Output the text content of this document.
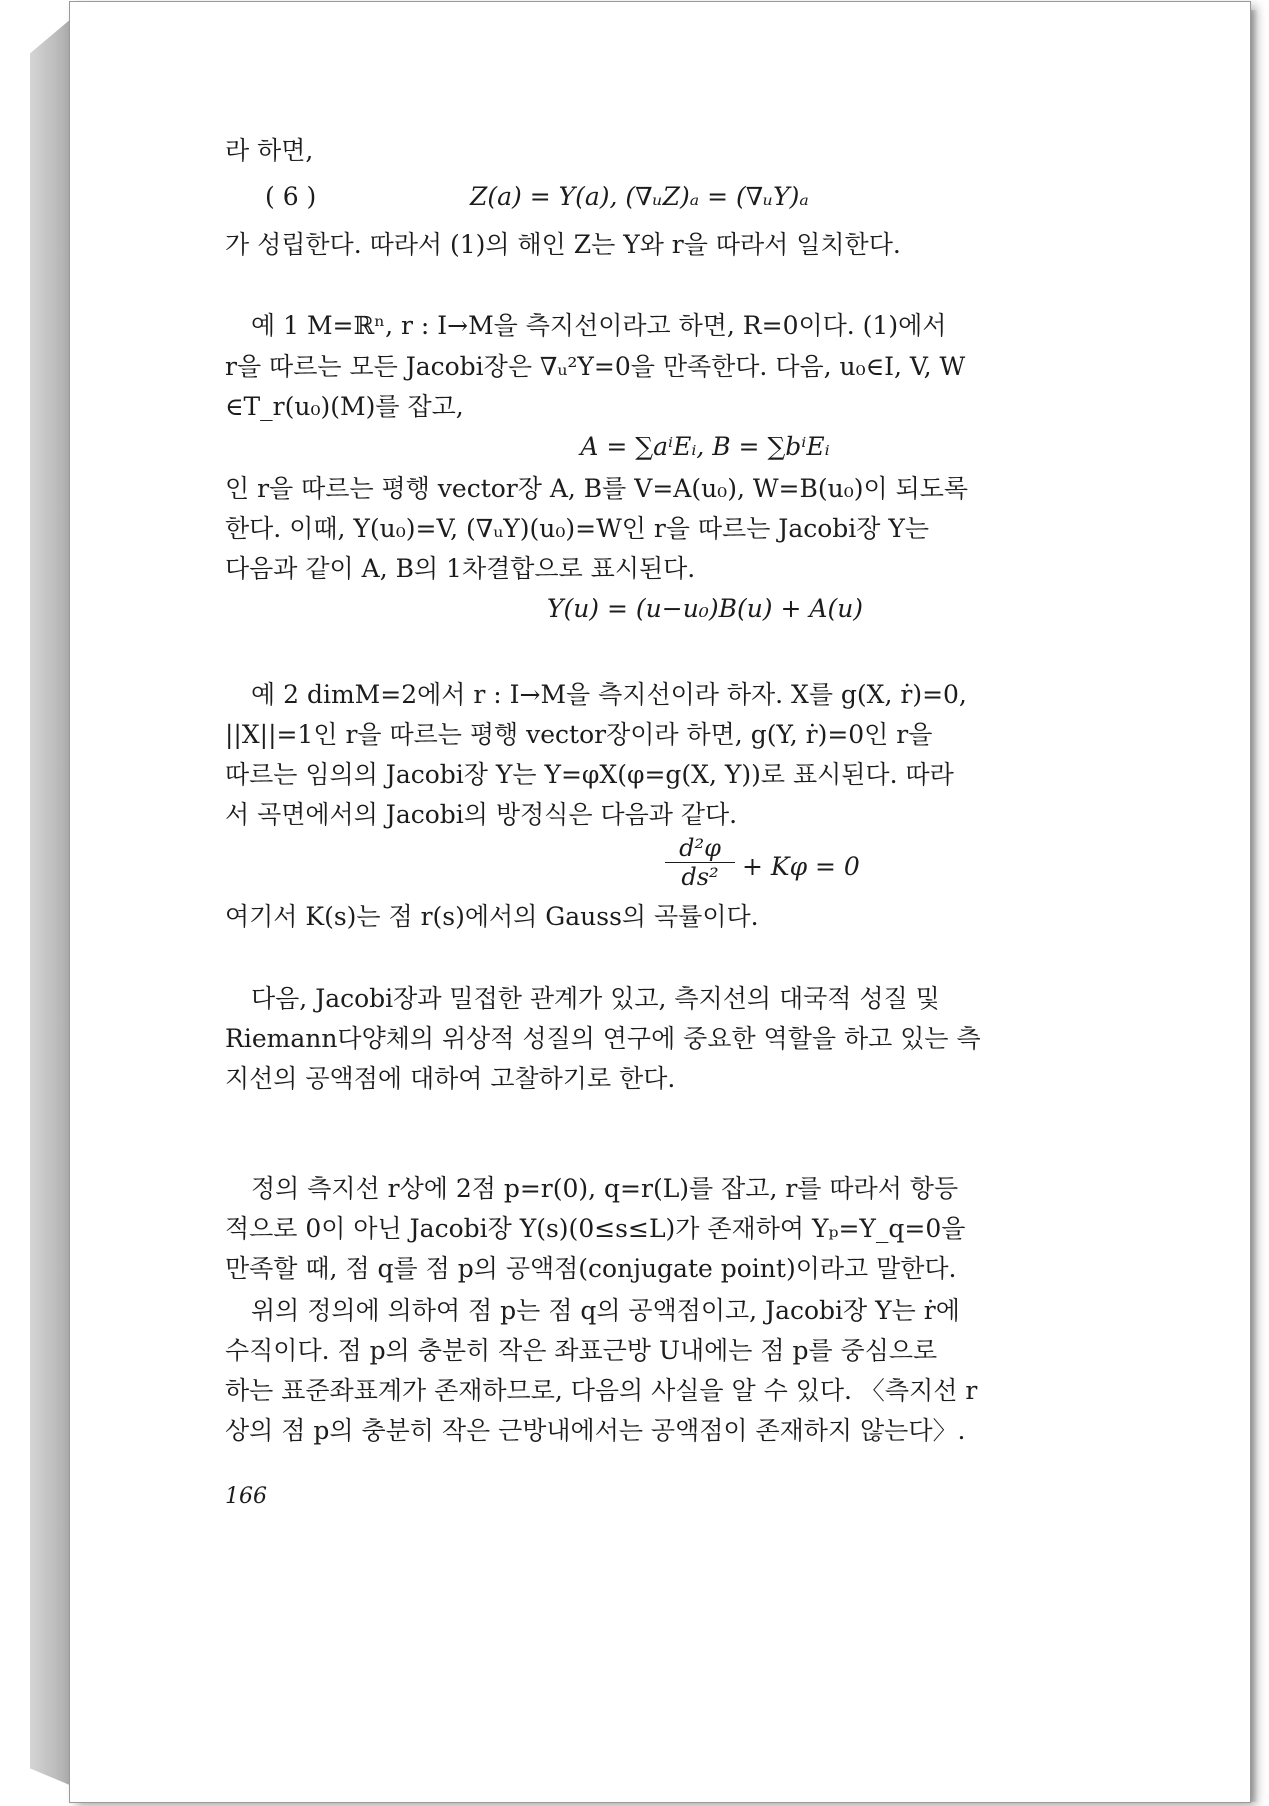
라 하면,
( 6 )	Z(a) = Y(a), (∇ᵤZ)ₐ = (∇ᵤY)ₐ
가 성립한다. 따라서 (1)의 해인 Z는 Y와 r을 따라서 일치한다.
예 1 M=ℝⁿ, r : I→M을 측지선이라고 하면, R=0이다. (1)에서
r을 따르는 모든 Jacobi장은 ∇ᵤ²Y=0을 만족한다. 다음, u₀∈I, V, W
∈T_r(u₀)(M)를 잡고,
A = ∑aⁱEᵢ, B = ∑bⁱEᵢ
인 r을 따르는 평행 vector장 A, B를 V=A(u₀), W=B(u₀)이 되도록
한다. 이때, Y(u₀)=V, (∇ᵤY)(u₀)=W인 r을 따르는 Jacobi장 Y는
다음과 같이 A, B의 1차결합으로 표시된다.
Y(u) = (u−u₀)B(u) + A(u)
예 2 dimM=2에서 r : I→M을 측지선이라 하자. X를 g(X, ṙ)=0,
||X||=1인 r을 따르는 평행 vector장이라 하면, g(Y, ṙ)=0인 r을
따르는 임의의 Jacobi장 Y는 Y=φX(φ=g(X, Y))로 표시된다. 따라
서 곡면에서의 Jacobi의 방정식은 다음과 같다.
$\frac{\text{d²φ}}{\text{ds²}} + K\varphi = 0$
여기서 K(s)는 점 r(s)에서의 Gauss의 곡률이다.
다음, Jacobi장과 밀접한 관계가 있고, 측지선의 대국적 성질 및
Riemann다양체의 위상적 성질의 연구에 중요한 역할을 하고 있는 측
지선의 공액점에 대하여 고찰하기로 한다.
정의 측지선 r상에 2점 p=r(0), q=r(L)를 잡고, r를 따라서 항등
적으로 0이 아닌 Jacobi장 Y(s)(0≤s≤L)가 존재하여 Yₚ=Y_q=0을
만족할 때, 점 q를 점 p의 공액점(conjugate point)이라고 말한다.
위의 정의에 의하여 점 p는 점 q의 공액점이고, Jacobi장 Y는 ṙ에
수직이다. 점 p의 충분히 작은 좌표근방 U내에는 점 p를 중심으로
하는 표준좌표계가 존재하므로, 다음의 사실을 알 수 있다. 〈측지선 r
상의 점 p의 충분히 작은 근방내에서는 공액점이 존재하지 않는다〉.
166
